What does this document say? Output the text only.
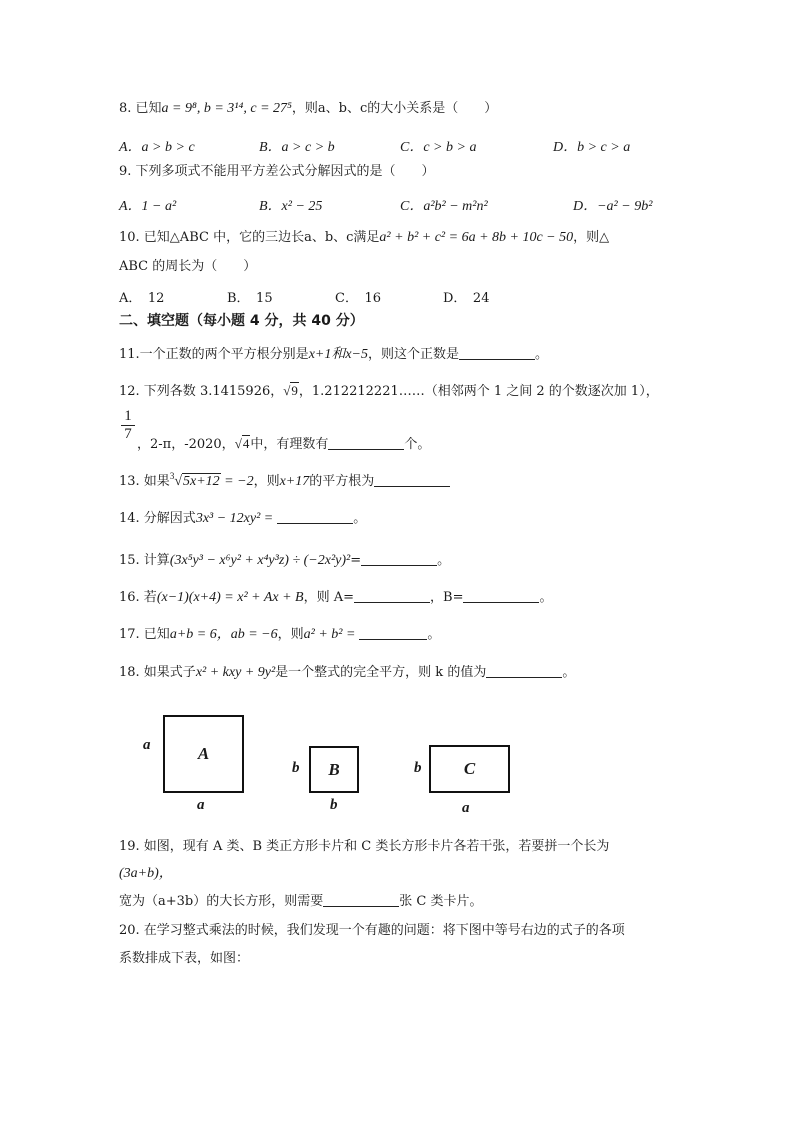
8. 已知a = 9⁸, b = 3¹⁴, c = 27⁵，则a、b、c的大小关系是（　　）
A．a > b > c	B．a > c > b	C．c > b > a	D．b > c > a
9. 下列多项式不能用平方差公式分解因式的是（　　）
A．1 − a²	B．x² − 25	C．a²b² − m²n²	D．−a² − 9b²
10. 已知△ABC 中，它的三边长a、b、c满足a² + b² + c² = 6a + 8b + 10c − 50，则△
ABC 的周长为（　　）
A．　12	B．　15	C．　16	D．　24
二、填空题（每小题 4 分，共 40 分）
11.一个正数的两个平方根分别是x+1和x−5，则这个正数是	。
12. 下列各数 3.1415926，√9，1.212212221……（相邻两个 1 之间 2 的个数逐次加 1），
1
7
，2-π，-2020，√4中，有理数有	个。
13. 如果$^3$√5x+12 = −2，则x+17的平方根为
14. 分解因式3x³ − 12xy² =	。
15. 计算(3x⁵y³ − x⁶y² + x⁴y³z) ÷ (−2x²y)²=	。
16. 若(x−1)(x+4) = x² + Ax + B，则 A=	，B=	。
17. 已知a+b = 6，ab = −6，则a² + b² =	。
18. 如果式子x² + kxy + 9y²是一个整式的完全平方，则 k 的值为	。
a	A
a
b	B
b
b	C
a
19. 如图，现有 A 类、B 类正方形卡片和 C 类长方形卡片各若干张，若要拼一个长为
(3a+b)，
宽为（a+3b）的大长方形，则需要	张 C 类卡片。
20. 在学习整式乘法的时候，我们发现一个有趣的问题：将下图中等号右边的式子的各项
系数排成下表，如图：
